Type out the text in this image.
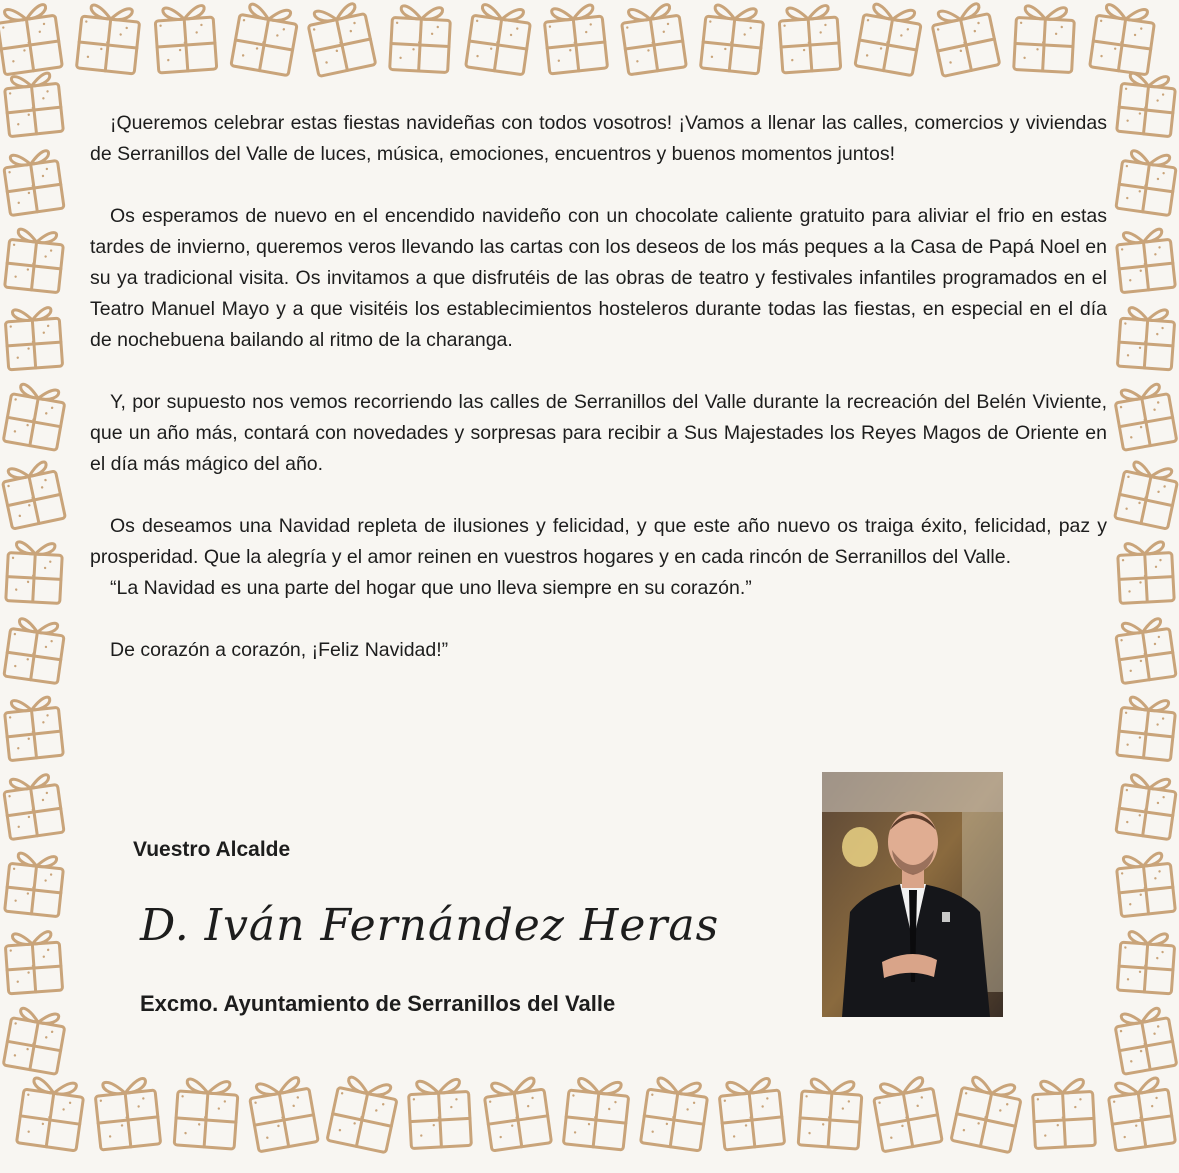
¡Queremos celebrar estas fiestas navideñas con todos vosotros! ¡Vamos a llenar las calles, comercios y viviendas de Serranillos del Valle de luces, música, emociones, encuentros y buenos momentos juntos!

Os esperamos de nuevo en el encendido navideño con un chocolate caliente gratuito para aliviar el frio en estas tardes de invierno, queremos veros llevando las cartas con los deseos de los más peques a la Casa de Papá Noel en su ya tradicional visita. Os invitamos a que disfrutéis de las obras de teatro y festivales infantiles programados en el Teatro Manuel Mayo y a que visitéis los establecimientos hosteleros durante todas las fiestas, en especial en el día de nochebuena bailando al ritmo de la charanga.

Y, por supuesto nos vemos recorriendo las calles de Serranillos del Valle durante la recreación del Belén Viviente, que un año más, contará con novedades y sorpresas para recibir a Sus Majestades los Reyes Magos de Oriente en el día más mágico del año.

Os deseamos una Navidad repleta de ilusiones y felicidad, y que este año nuevo os traiga éxito, felicidad, paz y prosperidad. Que la alegría y el amor reinen en vuestros hogares y en cada rincón de Serranillos del Valle.

“La Navidad es una parte del hogar que uno lleva siempre en su corazón.”

De corazón a corazón, ¡Feliz Navidad!”

Vuestro Alcalde
D. Iván Fernández Heras
Excmo. Ayuntamiento de Serranillos del Valle
